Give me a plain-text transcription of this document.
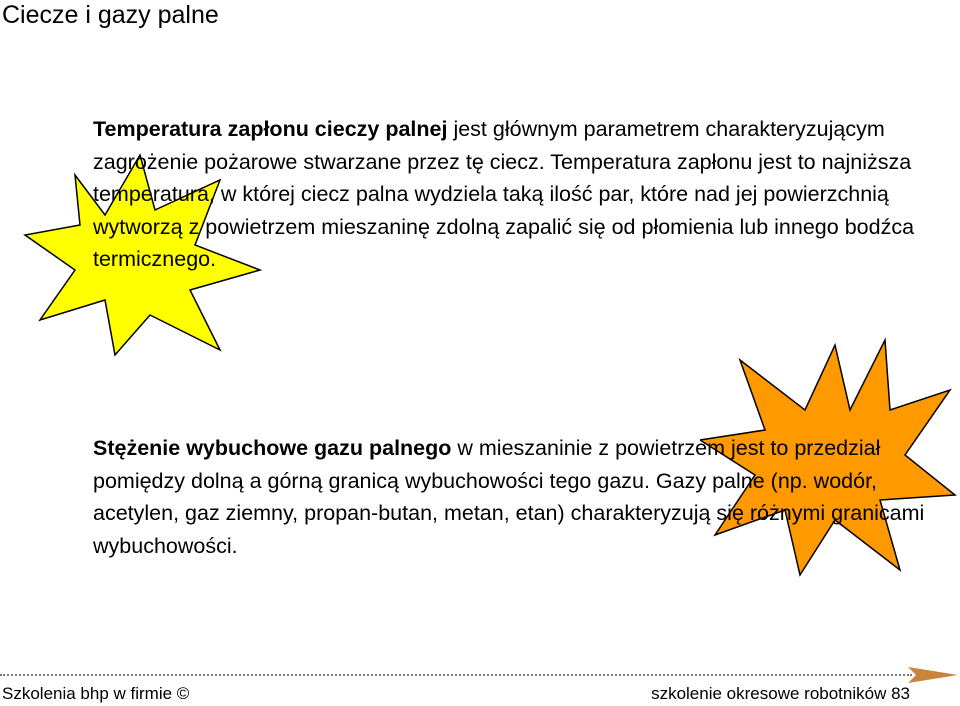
Ciecze i gazy palne
Temperatura zapłonu cieczy palnej jest głównym parametrem charakteryzującym zagrożenie pożarowe stwarzane przez tę ciecz. Temperatura zapłonu jest to najniższa temperatura, w której ciecz palna wydziela taką ilość par, które nad jej powierzchnią wytworzą z powietrzem mieszaninę zdolną zapalić się od płomienia lub innego bodźca termicznego.
Stężenie wybuchowe gazu palnego w mieszaninie z powietrzem jest to przedział pomiędzy dolną a górną granicą wybuchowości tego gazu. Gazy palne (np. wodór, acetylen, gaz ziemny, propan-butan, metan, etan) charakteryzują się różnymi granicami wybuchowości.
Szkolenia bhp w firmie ©	szkolenie okresowe robotników 83
